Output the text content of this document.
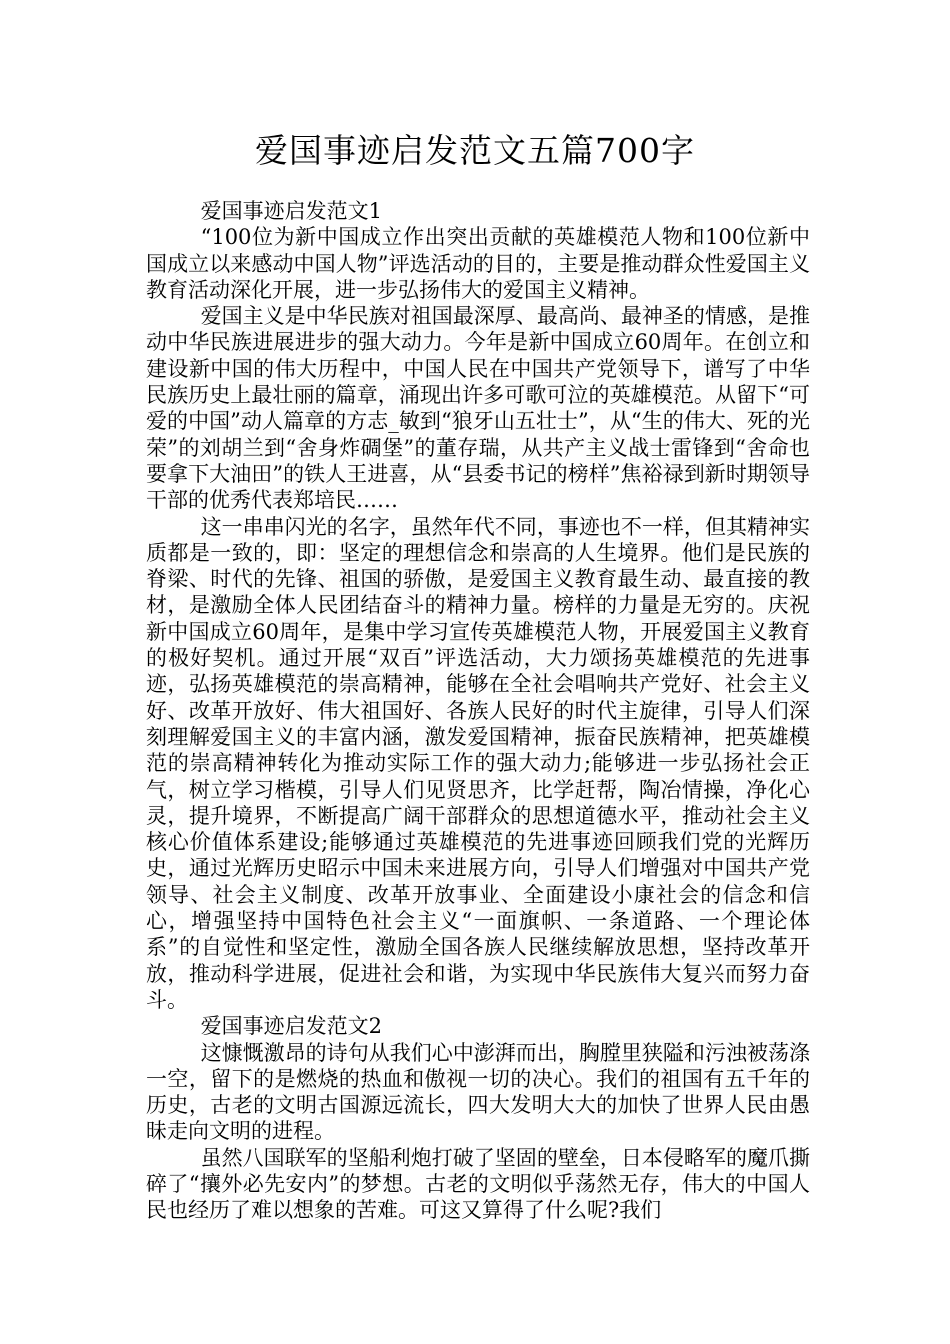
爱国事迹启发范文五篇700字

爱国事迹启发范文1

“100位为新中国成立作出突出贡献的英雄模范人物和100位新中国成立以来感动中国人物”评选活动的目的，主要是推动群众性爱国主义教育活动深化开展，进一步弘扬伟大的爱国主义精神。

爱国主义是中华民族对祖国最深厚、最高尚、最神圣的情感，是推动中华民族进展进步的强大动力。今年是新中国成立60周年。在创立和建设新中国的伟大历程中，中国人民在中国共产党领导下，谱写了中华民族历史上最壮丽的篇章，涌现出许多可歌可泣的英雄模范。从留下“可爱的中国”动人篇章的方志_敏到“狼牙山五壮士”，从“生的伟大、死的光荣”的刘胡兰到“舍身炸碉堡”的董存瑞，从共产主义战士雷锋到“舍命也要拿下大油田”的铁人王进喜，从“县委书记的榜样”焦裕禄到新时期领导干部的优秀代表郑培民……

这一串串闪光的名字，虽然年代不同，事迹也不一样，但其精神实质都是一致的，即：坚定的理想信念和崇高的人生境界。他们是民族的脊梁、时代的先锋、祖国的骄傲，是爱国主义教育最生动、最直接的教材，是激励全体人民团结奋斗的精神力量。榜样的力量是无穷的。庆祝新中国成立60周年，是集中学习宣传英雄模范人物，开展爱国主义教育的极好契机。通过开展“双百”评选活动，大力颂扬英雄模范的先进事迹，弘扬英雄模范的崇高精神，能够在全社会唱响共产党好、社会主义好、改革开放好、伟大祖国好、各族人民好的时代主旋律，引导人们深刻理解爱国主义的丰富内涵，激发爱国精神，振奋民族精神，把英雄模范的崇高精神转化为推动实际工作的强大动力;能够进一步弘扬社会正气，树立学习楷模，引导人们见贤思齐，比学赶帮，陶冶情操，净化心灵，提升境界，不断提高广阔干部群众的思想道德水平，推动社会主义核心价值体系建设;能够通过英雄模范的先进事迹回顾我们党的光辉历史，通过光辉历史昭示中国未来进展方向，引导人们增强对中国共产党领导、社会主义制度、改革开放事业、全面建设小康社会的信念和信心，增强坚持中国特色社会主义“一面旗帜、一条道路、一个理论体系”的自觉性和坚定性，激励全国各族人民继续解放思想，坚持改革开放，推动科学进展，促进社会和谐，为实现中华民族伟大复兴而努力奋斗。

爱国事迹启发范文2

这慷慨激昂的诗句从我们心中澎湃而出，胸膛里狭隘和污浊被荡涤一空，留下的是燃烧的热血和傲视一切的决心。我们的祖国有五千年的历史，古老的文明古国源远流长，四大发明大大的加快了世界人民由愚昧走向文明的进程。

虽然八国联军的坚船利炮打破了坚固的壁垒，日本侵略军的魔爪撕碎了“攘外必先安内”的梦想。古老的文明似乎荡然无存，伟大的中国人民也经历了难以想象的苦难。可这又算得了什么呢?我们
